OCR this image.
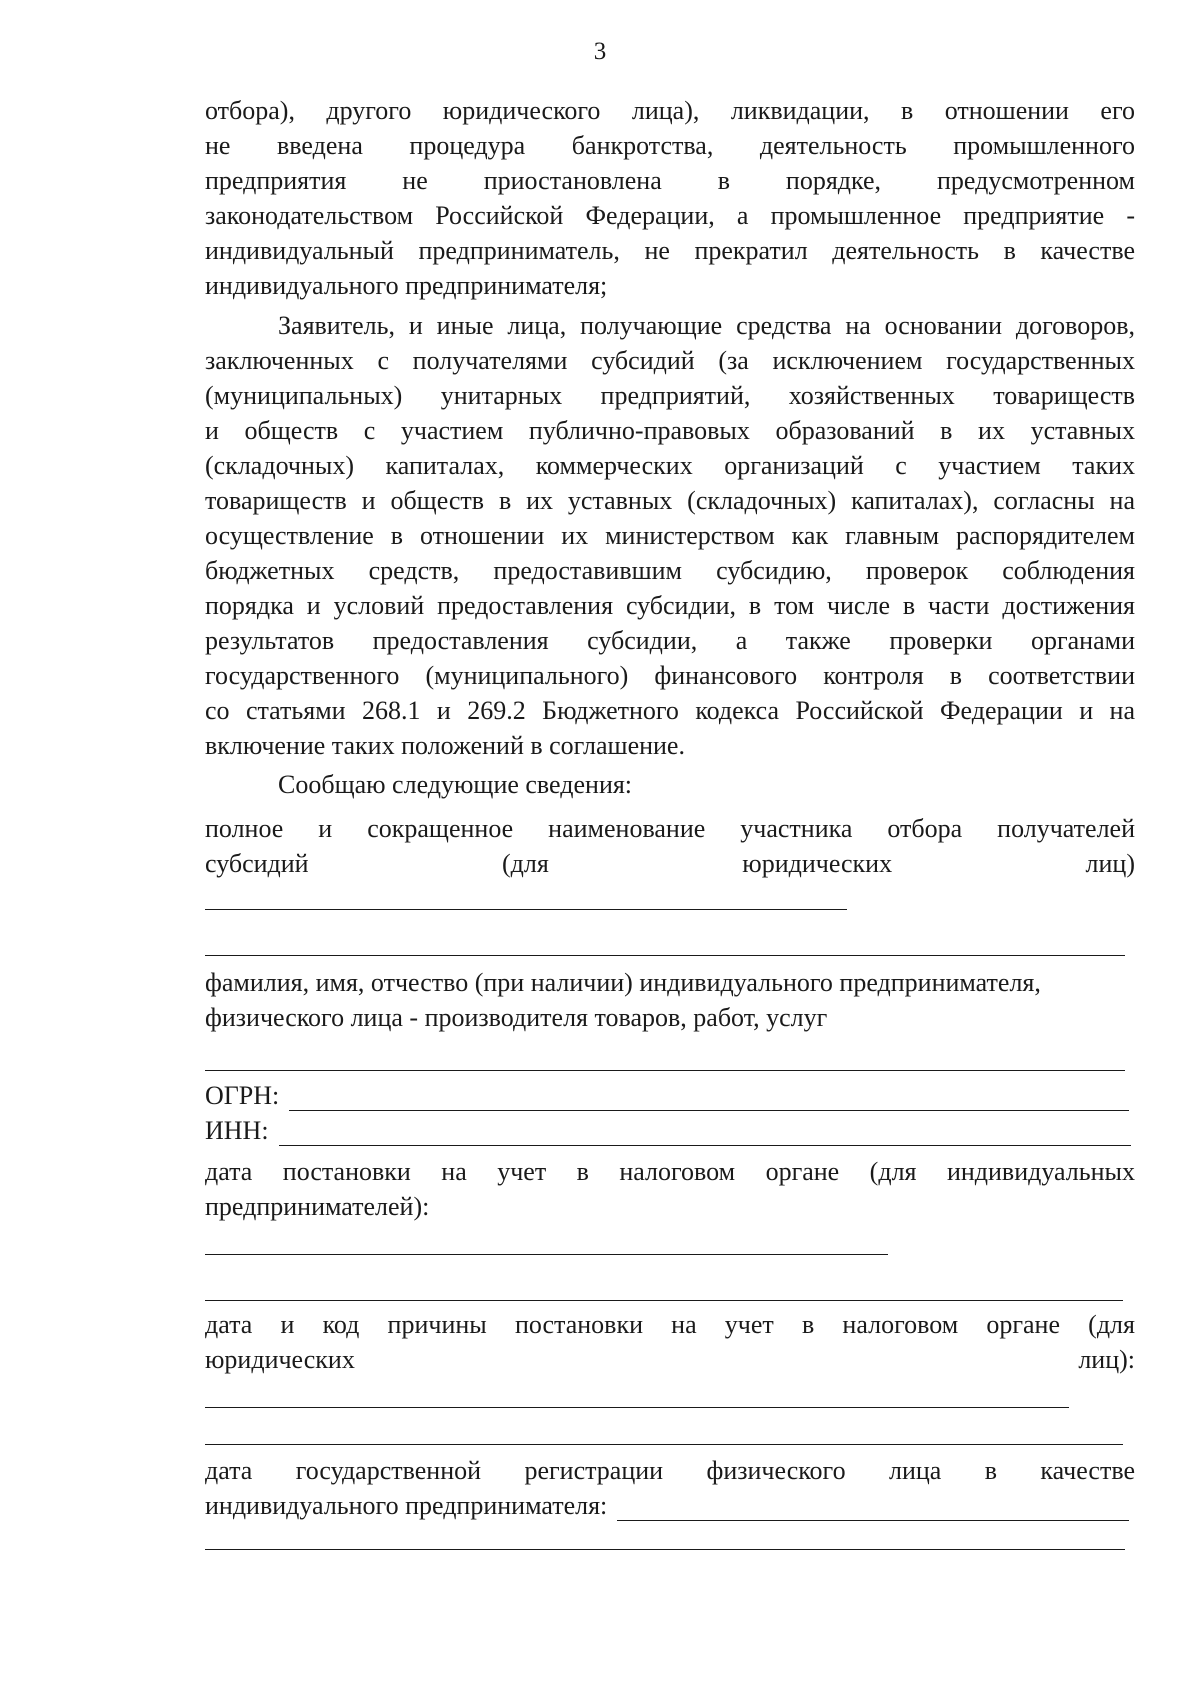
3
отбора), другого юридического лица), ликвидации, в отношении его
не введена процедура банкротства, деятельность промышленного
предприятия не приостановлена в порядке, предусмотренном
законодательством Российской Федерации, а промышленное предприятие -
индивидуальный предприниматель, не прекратил деятельность в качестве
индивидуального предпринимателя;
Заявитель, и иные лица, получающие средства на основании договоров,
заключенных с получателями субсидий (за исключением государственных
(муниципальных) унитарных предприятий, хозяйственных товариществ
и обществ с участием публично-правовых образований в их уставных
(складочных) капиталах, коммерческих организаций с участием таких
товариществ и обществ в их уставных (складочных) капиталах), согласны на
осуществление в отношении их министерством как главным распорядителем
бюджетных средств, предоставившим субсидию, проверок соблюдения
порядка и условий предоставления субсидии, в том числе в части достижения
результатов предоставления субсидии, а также проверки органами
государственного (муниципального) финансового контроля в соответствии
со статьями 268.1 и 269.2 Бюджетного кодекса Российской Федерации и на
включение таких положений в соглашение.
Сообщаю следующие сведения:
полное и сокращенное наименование участника отбора получателей
субсидий (для юридических лиц)
фамилия, имя, отчество (при наличии) индивидуального предпринимателя,
физического лица - производителя товаров, работ, услуг
ОГРН:
ИНН:
дата постановки на учет в налоговом органе (для индивидуальных
предпринимателей):
дата и код причины постановки на учет в налоговом органе (для
юридических лиц):
дата государственной регистрации физического лица в качестве
индивидуального предпринимателя:
